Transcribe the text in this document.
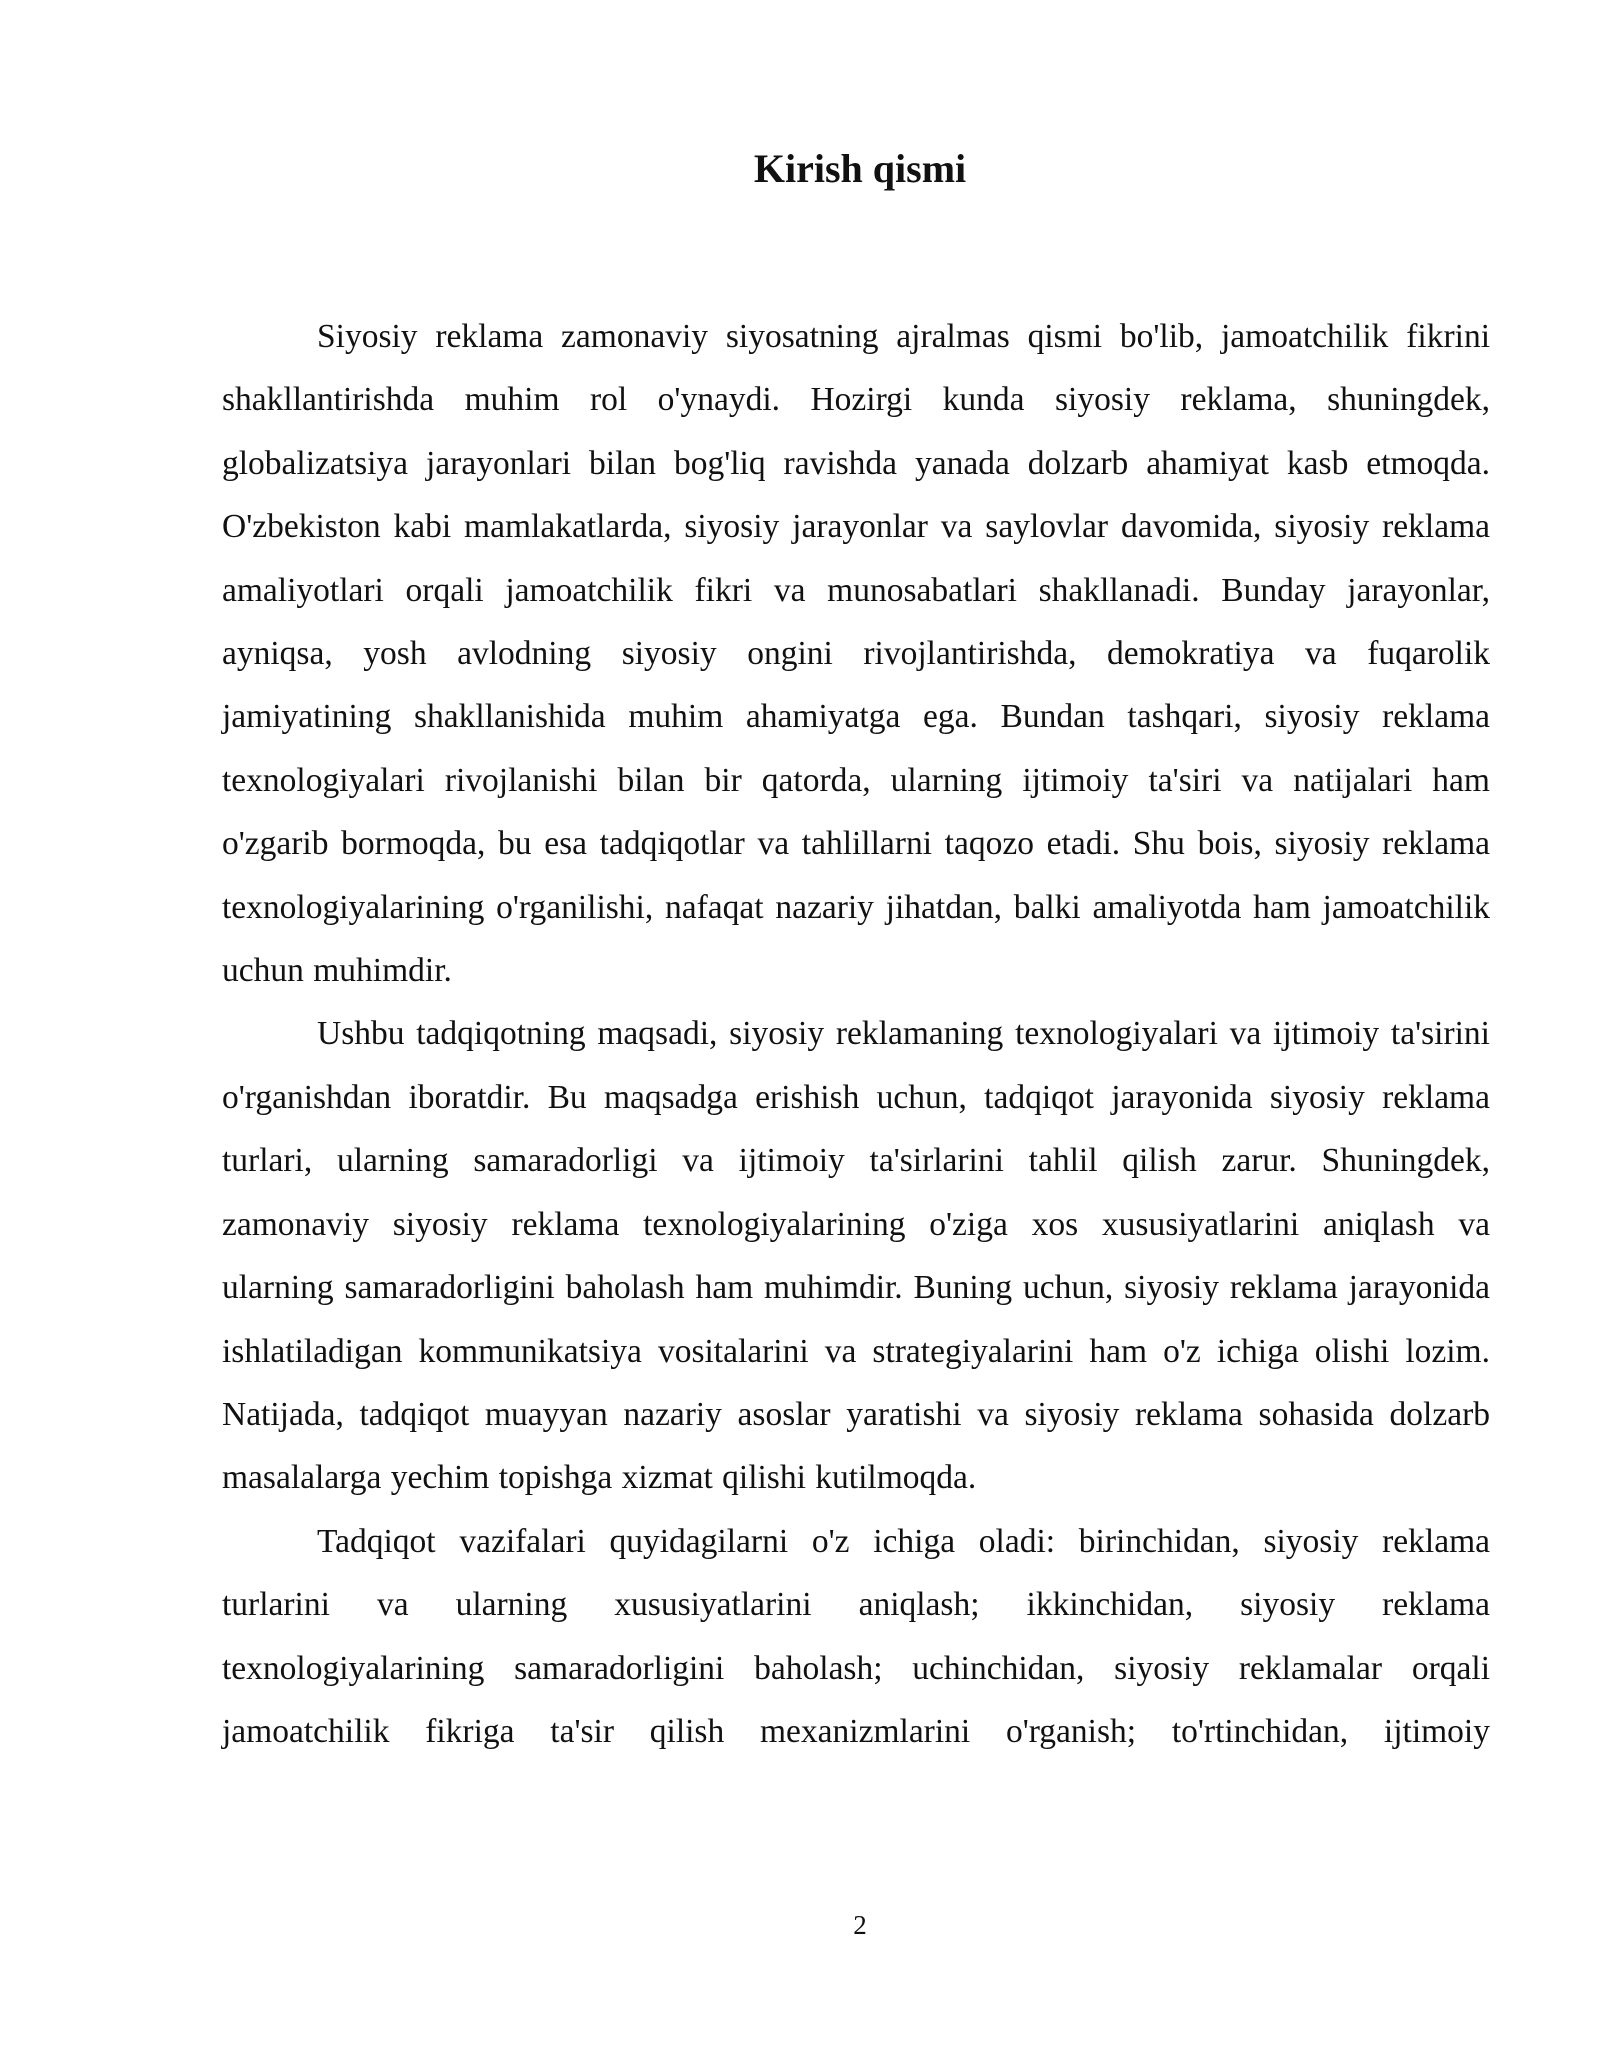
Kirish qismi

Siyosiy reklama zamonaviy siyosatning ajralmas qismi bo'lib, jamoatchilik fikrini shakllantirishda muhim rol o'ynaydi. Hozirgi kunda siyosiy reklama, shuningdek, globalizatsiya jarayonlari bilan bog'liq ravishda yanada dolzarb ahamiyat kasb etmoqda. O'zbekiston kabi mamlakatlarda, siyosiy jarayonlar va saylovlar davomida, siyosiy reklama amaliyotlari orqali jamoatchilik fikri va munosabatlari shakllanadi. Bunday jarayonlar, ayniqsa, yosh avlodning siyosiy ongini rivojlantirishda, demokratiya va fuqarolik jamiyatining shakllanishida muhim ahamiyatga ega. Bundan tashqari, siyosiy reklama texnologiyalari rivojlanishi bilan bir qatorda, ularning ijtimoiy ta'siri va natijalari ham o'zgarib bormoqda, bu esa tadqiqotlar va tahlillarni taqozo etadi. Shu bois, siyosiy reklama texnologiyalarining o'rganilishi, nafaqat nazariy jihatdan, balki amaliyotda ham jamoatchilik uchun muhimdir.

Ushbu tadqiqotning maqsadi, siyosiy reklamaning texnologiyalari va ijtimoiy ta'sirini o'rganishdan iboratdir. Bu maqsadga erishish uchun, tadqiqot jarayonida siyosiy reklama turlari, ularning samaradorligi va ijtimoiy ta'sirlarini tahlil qilish zarur. Shuningdek, zamonaviy siyosiy reklama texnologiyalarining o'ziga xos xususiyatlarini aniqlash va ularning samaradorligini baholash ham muhimdir. Buning uchun, siyosiy reklama jarayonida ishlatiladigan kommunikatsiya vositalarini va strategiyalarini ham o'z ichiga olishi lozim. Natijada, tadqiqot muayyan nazariy asoslar yaratishi va siyosiy reklama sohasida dolzarb masalalarga yechim topishga xizmat qilishi kutilmoqda.

Tadqiqot vazifalari quyidagilarni o'z ichiga oladi: birinchidan, siyosiy reklama turlarini va ularning xususiyatlarini aniqlash; ikkinchidan, siyosiy reklama texnologiyalarining samaradorligini baholash; uchinchidan, siyosiy reklamalar orqali jamoatchilik fikriga ta'sir qilish mexanizmlarini o'rganish; to'rtinchidan, ijtimoiy

2
